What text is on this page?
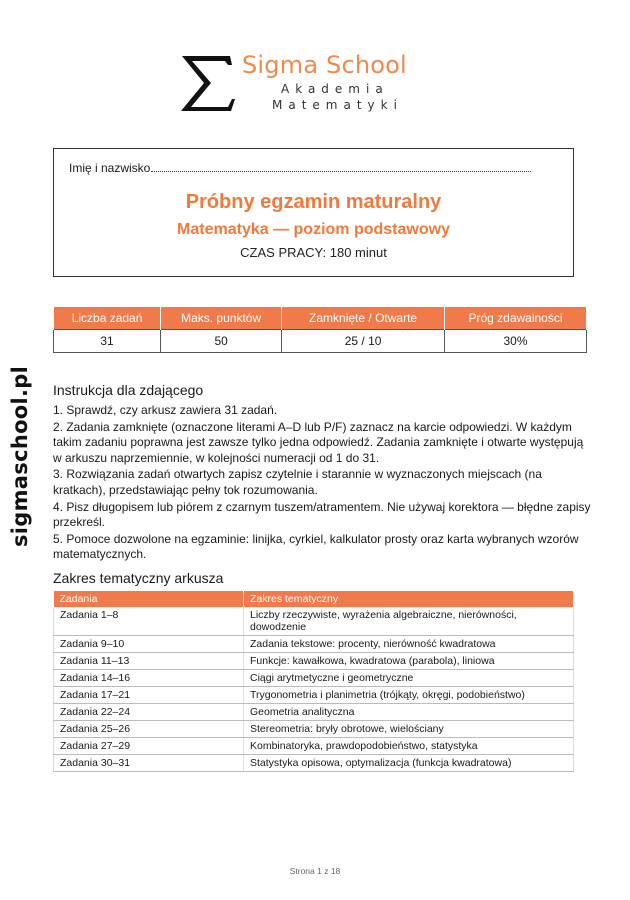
sigmaschool.pl
Sigma School
Akademia
Matematyki
Imię i nazwisko
Próbny egzamin maturalny
Matematyka — poziom podstawowy
CZAS PRACY: 180 minut
Liczba zadań	Maks. punktów	Zamknięte / Otwarte	Próg zdawalności
31	50	25 / 10	30%
Instrukcja dla zdającego

1. Sprawdź, czy arkusz zawiera 31 zadań.

2. Zadania zamknięte (oznaczone literami A–D lub P/F) zaznacz na karcie odpowiedzi. W każdym takim zadaniu poprawna jest zawsze tylko jedna odpowiedź. Zadania zamknięte i otwarte występują w arkuszu naprzemiennie, w kolejności numeracji od 1 do 31.

3. Rozwiązania zadań otwartych zapisz czytelnie i starannie w wyznaczonych miejscach (na kratkach), przedstawiając pełny tok rozumowania.

4. Pisz długopisem lub piórem z czarnym tuszem/atramentem. Nie używaj korektora — błędne zapisy przekreśl.

5. Pomoce dozwolone na egzaminie: linijka, cyrkiel, kalkulator prosty oraz karta wybranych wzorów matematycznych.

Zakres tematyczny arkusza
Zadania	Zakres tematyczny
Zadania 1–8	Liczby rzeczywiste, wyrażenia algebraiczne, nierówności, dowodzenie
Zadania 9–10	Zadania tekstowe: procenty, nierówność kwadratowa
Zadania 11–13	Funkcje: kawałkowa, kwadratowa (parabola), liniowa
Zadania 14–16	Ciągi arytmetyczne i geometryczne
Zadania 17–21	Trygonometria i planimetria (trójkąty, okręgi, podobieństwo)
Zadania 22–24	Geometria analityczna
Zadania 25–26	Stereometria: bryły obrotowe, wielościany
Zadania 27–29	Kombinatoryka, prawdopodobieństwo, statystyka
Zadania 30–31	Statystyka opisowa, optymalizacja (funkcja kwadratowa)
Strona 1 z 18
